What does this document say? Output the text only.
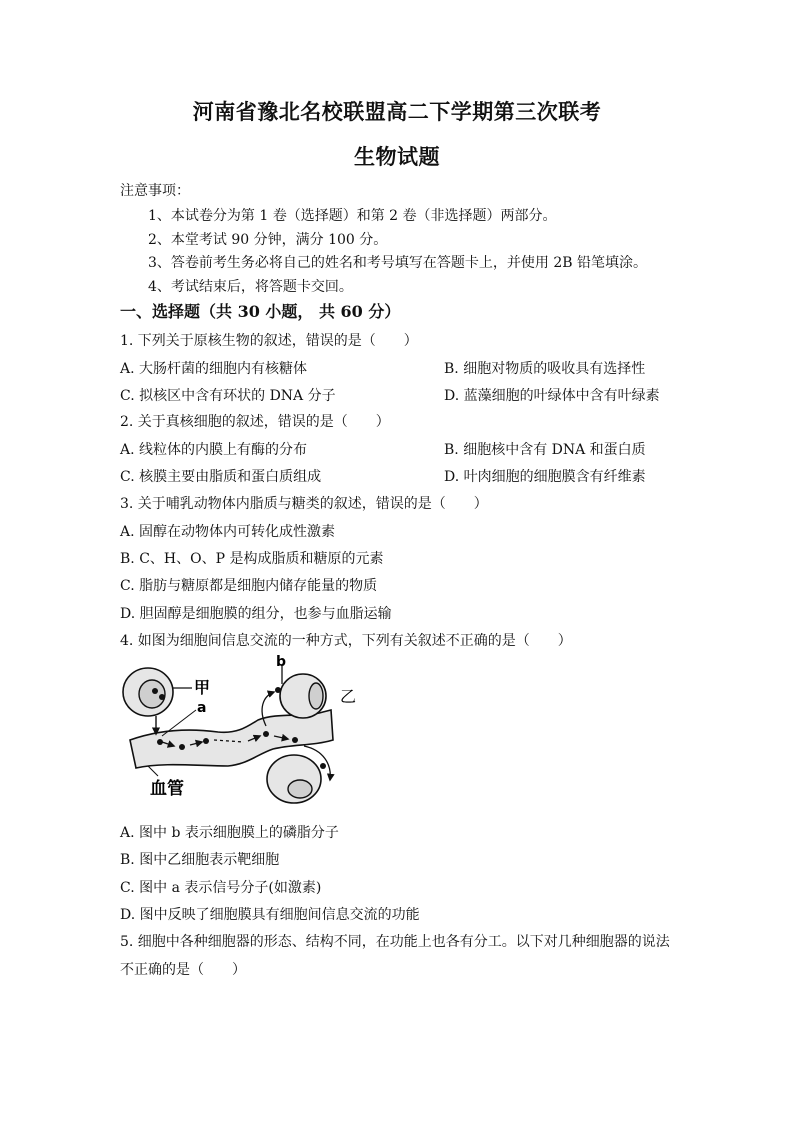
河南省豫北名校联盟高二下学期第三次联考
生物试题
注意事项：
1、本试卷分为第 1 卷（选择题）和第 2 卷（非选择题）两部分。
2、本堂考试 90 分钟，满分 100 分。
3、答卷前考生务必将自己的姓名和考号填写在答题卡上，并使用 2B 铅笔填涂。
4、考试结束后，将答题卡交回。
一、选择题（共 30 小题， 共 60 分）
1. 下列关于原核生物的叙述，错误的是（　　）
A. 大肠杆菌的细胞内有核糖体	B. 细胞对物质的吸收具有选择性
C. 拟核区中含有环状的 DNA 分子	D. 蓝藻细胞的叶绿体中含有叶绿素
2. 关于真核细胞的叙述，错误的是（　　）
A. 线粒体的内膜上有酶的分布	B. 细胞核中含有 DNA 和蛋白质
C. 核膜主要由脂质和蛋白质组成	D. 叶肉细胞的细胞膜含有纤维素
3. 关于哺乳动物体内脂质与糖类的叙述，错误的是（　　）
A. 固醇在动物体内可转化成性激素
B. C、H、O、P 是构成脂质和糖原的元素
C. 脂肪与糖原都是细胞内储存能量的物质
D. 胆固醇是细胞膜的组分，也参与血脂运输
4. 如图为细胞间信息交流的一种方式，下列有关叙述不正确的是（　　）
甲
a
乙
b
血管
A. 图中 b 表示细胞膜上的磷脂分子
B. 图中乙细胞表示靶细胞
C. 图中 a 表示信号分子(如激素)
D. 图中反映了细胞膜具有细胞间信息交流的功能
5. 细胞中各种细胞器的形态、结构不同，在功能上也各有分工。以下对几种细胞器的说法
不正确的是（　　）
